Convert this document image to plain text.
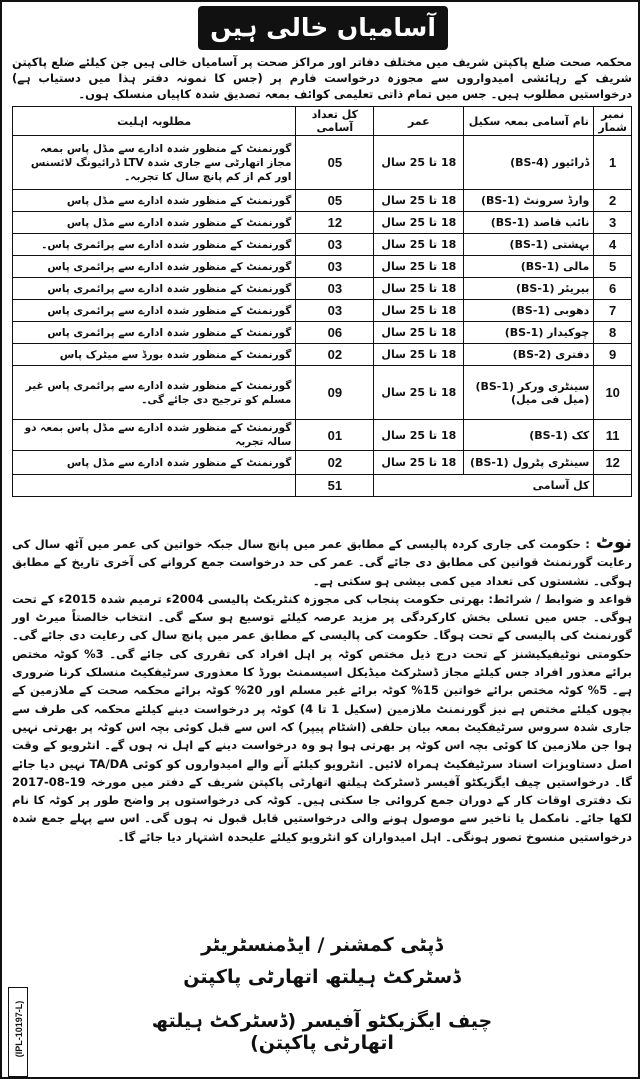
آسامیاں خالی ہیں

محکمہ صحت ضلع پاکپتن شریف میں مختلف دفاتر اور مراکز صحت پر آسامیاں خالی ہیں جن کیلئے ضلع پاکپتن شریف کے رہائشی امیدواروں سے مجوزہ درخواست فارم پر (جس کا نمونہ دفتر ہذا میں دستیاب ہے) درخواستیں مطلوب ہیں۔ جس میں تمام ذاتی تعلیمی کوائف بمعہ تصدیق شدہ کاپیاں منسلک ہوں۔

نمبر شمار	نام آسامی بمعہ سکیل	عمر	کل تعداد آسامی	مطلوبہ اہلیت
1	ڈرائیور (BS-4)	18 تا 25 سال	05	گورنمنٹ کے منظور شدہ ادارے سے مڈل پاس بمعہ مجاز اتھارٹی سے جاری شدہ LTV ڈرائیونگ لائسنس اور کم از کم پانچ سال کا تجربہ۔
2	وارڈ سرونٹ (BS-1)	18 تا 25 سال	05	گورنمنٹ کے منظور شدہ ادارے سے مڈل پاس
3	نائب قاصد (BS-1)	18 تا 25 سال	12	گورنمنٹ کے منظور شدہ ادارے سے مڈل پاس
4	بہشتی (BS-1)	18 تا 25 سال	03	گورنمنٹ کے منظور شدہ ادارے سے پرائمری پاس۔
5	مالی (BS-1)	18 تا 25 سال	03	گورنمنٹ کے منظور شدہ ادارے سے پرائمری پاس
6	بیریئر (BS-1)	18 تا 25 سال	03	گورنمنٹ کے منظور شدہ ادارے سے پرائمری پاس
7	دھوبی (BS-1)	18 تا 25 سال	03	گورنمنٹ کے منظور شدہ ادارے سے پرائمری پاس
8	چوکیدار (BS-1)	18 تا 25 سال	06	گورنمنٹ کے منظور شدہ ادارے سے پرائمری پاس
9	دفتری (BS-2)	18 تا 25 سال	02	گورنمنٹ کے منظور شدہ بورڈ سے میٹرک پاس
10	سینٹری ورکر (BS-1) (میل فی میل)	18 تا 25 سال	09	گورنمنٹ کے منظور شدہ ادارے سے پرائمری پاس غیر مسلم کو ترجیح دی جائے گی۔
11	کک (BS-1)	18 تا 25 سال	01	گورنمنٹ کے منظور شدہ ادارے سے مڈل پاس بمعہ دو سالہ تجربہ
12	سینٹری پٹرول (BS-1)	18 تا 25 سال	02	گورنمنٹ کے منظور شدہ ادارے سے مڈل پاس
	کل آسامی		51	

نوٹ: حکومت کی جاری کردہ پالیسی کے مطابق عمر میں پانچ سال جبکہ خواتین کی عمر میں آٹھ سال کی رعایت گورنمنٹ قوانین کی مطابق دی جائے گی۔ عمر کی حد درخواست جمع کروانے کی آخری تاریخ کے مطابق ہوگی۔ نشستوں کی تعداد میں کمی بیشی ہو سکتی ہے۔

قواعد و ضوابط / شرائط: بھرتی حکومت پنجاب کی مجوزہ کنٹریکٹ پالیسی 2004ء ترمیم شدہ 2015ء کے تحت ہوگی۔ جس میں تسلی بخش کارکردگی پر مزید عرصہ کیلئے توسیع ہو سکے گی۔ انتخاب خالصتاً میرٹ اور گورنمنٹ کی پالیسی کے تحت ہوگا۔ حکومت کی پالیسی کے مطابق عمر میں پانچ سال کی رعایت دی جائے گی۔ حکومتی نوٹیفیکیشنز کے تحت درج ذیل مختص کوٹہ پر اہل افراد کی تقرری کی جائے گی۔ 3% کوٹہ مختص برائے معذور افراد جس کیلئے مجاز ڈسٹرکٹ میڈیکل اسیسمنٹ بورڈ کا معذوری سرٹیفکیٹ منسلک کرنا ضروری ہے۔ 5% کوٹہ مختص برائے خواتین 15% کوٹہ برائے غیر مسلم اور 20% کوٹہ برائے محکمہ صحت کے ملازمین کے بچوں کیلئے مختص ہے نیز گورنمنٹ ملازمین (سکیل 1 تا 4) کوٹہ پر درخواست دینے کیلئے محکمہ کی طرف سے جاری شدہ سروس سرٹیفکیٹ بمعہ بیان حلفی (اشٹام پیپر) کہ اس سے قبل کوئی بچہ اس کوٹہ پر بھرتی نہیں ہوا جن ملازمین کا کوئی بچہ اس کوٹہ پر بھرتی ہوا ہو وہ درخواست دینے کے اہل نہ ہوں گے۔ انٹرویو کے وقت اصل دستاویزات اسناد سرٹیفکیٹ ہمراہ لائیں۔ انٹرویو کیلئے آنے والے امیدواروں کو کوئی TA/DA نہیں دیا جائے گا۔ درخواستیں چیف ایگزیکٹو آفیسر ڈسٹرکٹ ہیلتھ اتھارٹی پاکپتن شریف کے دفتر میں مورخہ 19-08-2017 تک دفتری اوقات کار کے دوران جمع کروائی جا سکتی ہیں۔ کوٹہ کی درخواستوں پر واضح طور پر کوٹہ کا نام لکھا جائے۔ نامکمل یا تاخیر سے موصول ہونے والی درخواستیں قابل قبول نہ ہوں گی۔ اس سے پہلے جمع شدہ درخواستیں منسوخ تصور ہونگی۔ اہل امیدواران کو انٹرویو کیلئے علیحدہ اشتہار دیا جائے گا۔

ڈپٹی کمشنر / ایڈمنسٹریٹر
ڈسٹرکٹ ہیلتھ اتھارٹی پاکپتن
چیف ایگزیکٹو آفیسر (ڈسٹرکٹ ہیلتھ اتھارٹی پاکپتن)
(IPL-10197-L)
